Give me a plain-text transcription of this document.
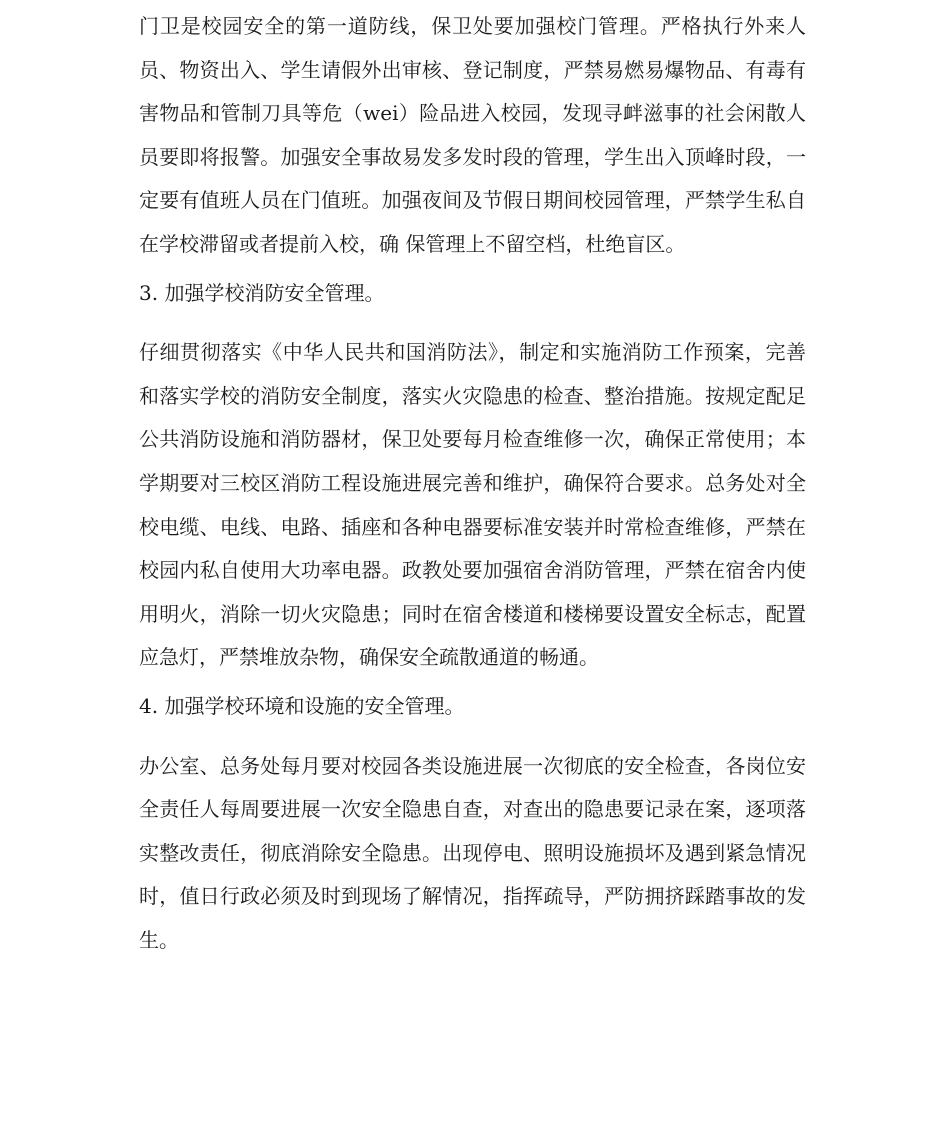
门卫是校园安全的第一道防线，保卫处要加强校门管理。严格执行外来人员、物资出入、学生请假外出审核、登记制度，严禁易燃易爆物品、有毒有害物品和管制刀具等危（wei）险品进入校园，发现寻衅滋事的社会闲散人员要即将报警。加强安全事故易发多发时段的管理，学生出入顶峰时段，一定要有值班人员在门值班。加强夜间及节假日期间校园管理，严禁学生私自在学校滞留或者提前入校，确 保管理上不留空档，杜绝盲区。

3. 加强学校消防安全管理。

仔细贯彻落实《中华人民共和国消防法》，制定和实施消防工作预案，完善和落实学校的消防安全制度，落实火灾隐患的检查、整治措施。按规定配足公共消防设施和消防器材，保卫处要每月检查维修一次，确保正常使用；本学期要对三校区消防工程设施进展完善和维护，确保符合要求。总务处对全校电缆、电线、电路、插座和各种电器要标准安装并时常检查维修，严禁在校园内私自使用大功率电器。政教处要加强宿舍消防管理，严禁在宿舍内使用明火，消除一切火灾隐患；同时在宿舍楼道和楼梯要设置安全标志，配置应急灯，严禁堆放杂物，确保安全疏散通道的畅通。

4. 加强学校环境和设施的安全管理。

办公室、总务处每月要对校园各类设施进展一次彻底的安全检查，各岗位安全责任人每周要进展一次安全隐患自查，对查出的隐患要记录在案，逐项落实整改责任，彻底消除安全隐患。出现停电、照明设施损坏及遇到紧急情况时，值日行政必须及时到现场了解情况，指挥疏导，严防拥挤踩踏事故的发生。
